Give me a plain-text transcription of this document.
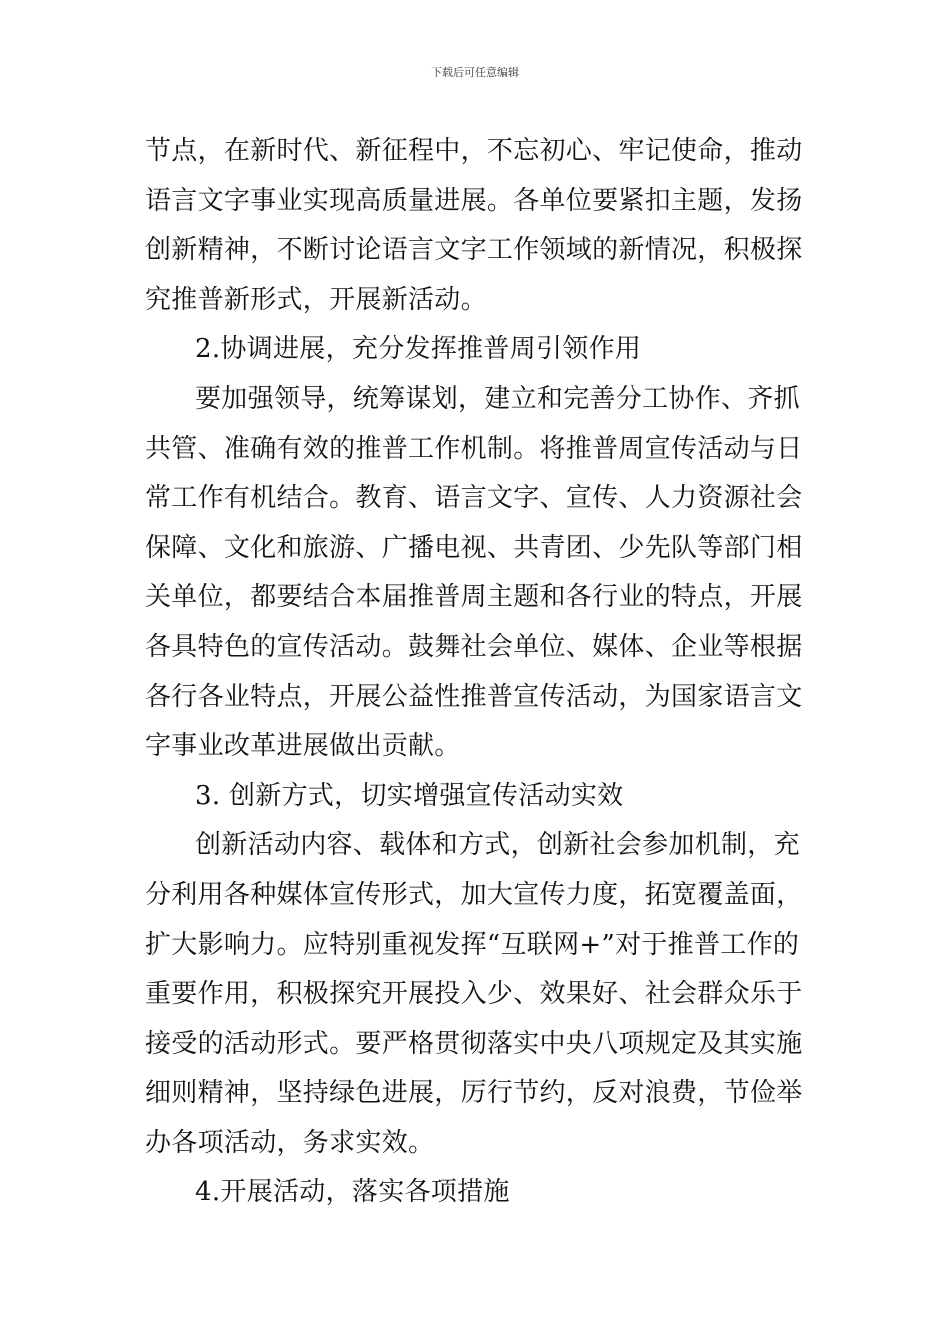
下载后可任意编辑
节点，在新时代、新征程中，不忘初心、牢记使命，推动
语言文字事业实现高质量进展。各单位要紧扣主题，发扬
创新精神，不断讨论语言文字工作领域的新情况，积极探
究推普新形式，开展新活动。
2.协调进展，充分发挥推普周引领作用
要加强领导，统筹谋划，建立和完善分工协作、齐抓
共管、准确有效的推普工作机制。将推普周宣传活动与日
常工作有机结合。教育、语言文字、宣传、人力资源社会
保障、文化和旅游、广播电视、共青团、少先队等部门相
关单位，都要结合本届推普周主题和各行业的特点，开展
各具特色的宣传活动。鼓舞社会单位、媒体、企业等根据
各行各业特点，开展公益性推普宣传活动，为国家语言文
字事业改革进展做出贡献。
3. 创新方式，切实增强宣传活动实效
创新活动内容、载体和方式，创新社会参加机制，充
分利用各种媒体宣传形式，加大宣传力度，拓宽覆盖面，
扩大影响力。应特别重视发挥“互联网+”对于推普工作的
重要作用，积极探究开展投入少、效果好、社会群众乐于
接受的活动形式。要严格贯彻落实中央八项规定及其实施
细则精神，坚持绿色进展，厉行节约，反对浪费，节俭举
办各项活动，务求实效。
4.开展活动，落实各项措施
